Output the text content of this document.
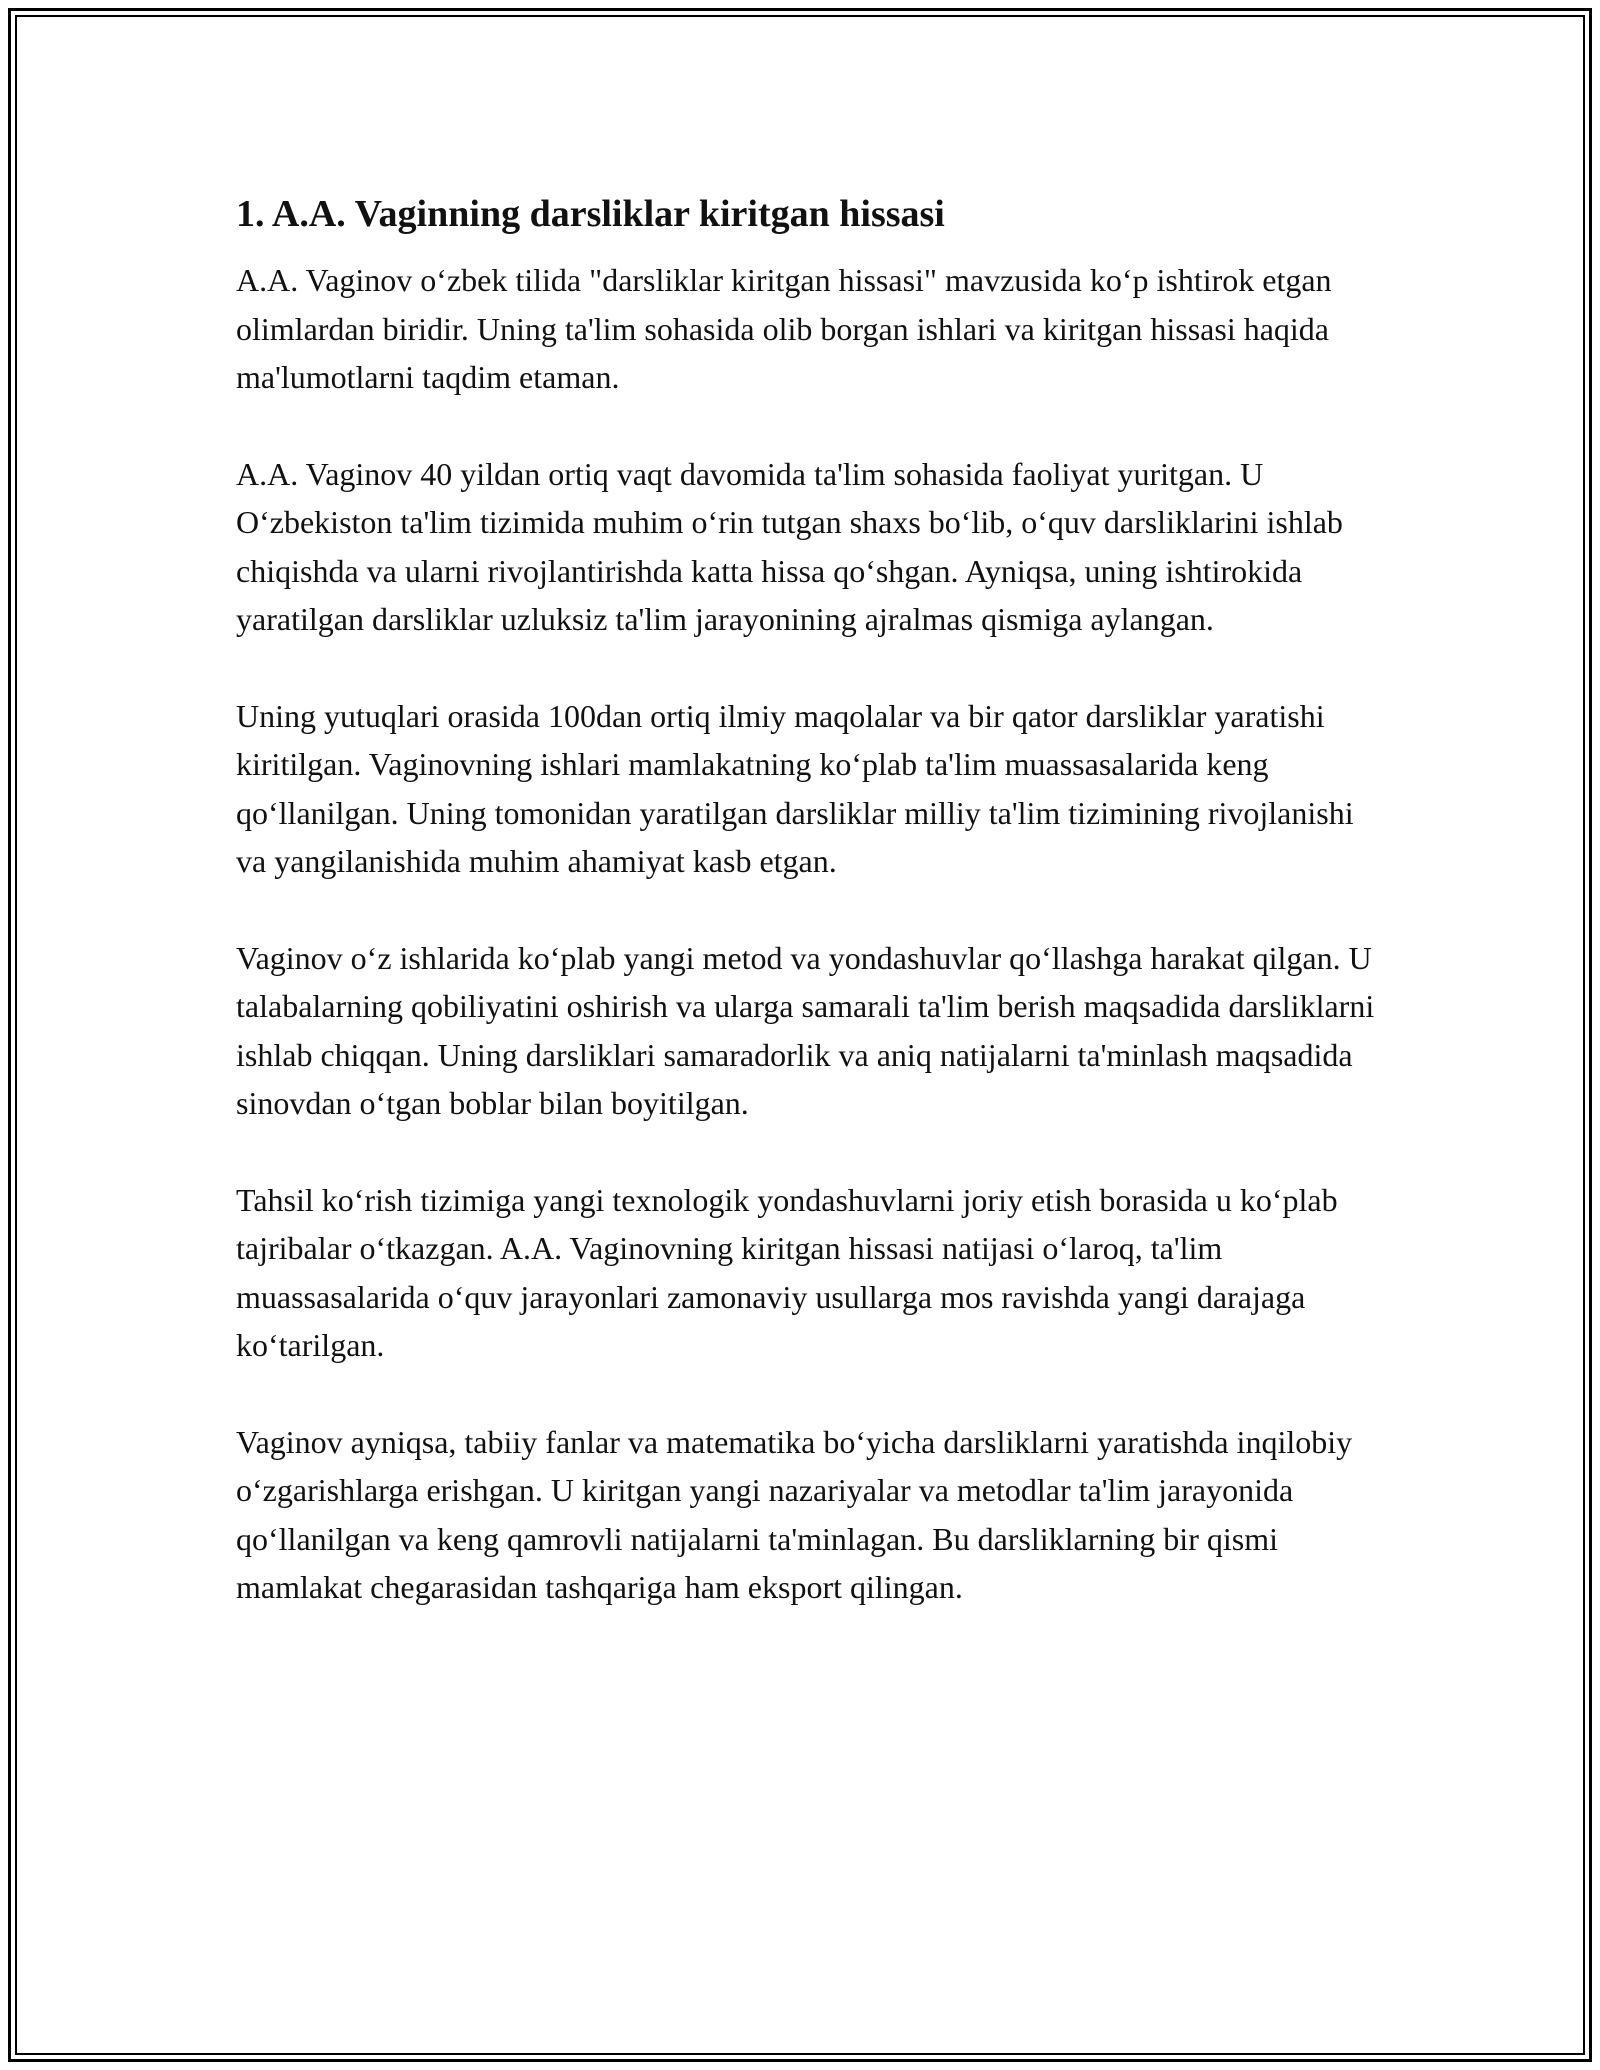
1. A.A. Vaginning darsliklar kiritgan hissasi

A.A. Vaginov o‘zbek tilida "darsliklar kiritgan hissasi" mavzusida ko‘p ishtirok etgan olimlardan biridir. Uning ta'lim sohasida olib borgan ishlari va kiritgan hissasi haqida ma'lumotlarni taqdim etaman.

A.A. Vaginov 40 yildan ortiq vaqt davomida ta'lim sohasida faoliyat yuritgan. U O‘zbekiston ta'lim tizimida muhim o‘rin tutgan shaxs bo‘lib, o‘quv darsliklarini ishlab chiqishda va ularni rivojlantirishda katta hissa qo‘shgan. Ayniqsa, uning ishtirokida yaratilgan darsliklar uzluksiz ta'lim jarayonining ajralmas qismiga aylangan.

Uning yutuqlari orasida 100dan ortiq ilmiy maqolalar va bir qator darsliklar yaratishi kiritilgan. Vaginovning ishlari mamlakatning ko‘plab ta'lim muassasalarida keng qo‘llanilgan. Uning tomonidan yaratilgan darsliklar milliy ta'lim tizimining rivojlanishi va yangilanishida muhim ahamiyat kasb etgan.

Vaginov o‘z ishlarida ko‘plab yangi metod va yondashuvlar qo‘llashga harakat qilgan. U talabalarning qobiliyatini oshirish va ularga samarali ta'lim berish maqsadida darsliklarni ishlab chiqqan. Uning darsliklari samaradorlik va aniq natijalarni ta'minlash maqsadida sinovdan o‘tgan boblar bilan boyitilgan.

Tahsil ko‘rish tizimiga yangi texnologik yondashuvlarni joriy etish borasida u ko‘plab tajribalar o‘tkazgan. A.A. Vaginovning kiritgan hissasi natijasi o‘laroq, ta'lim muassasalarida o‘quv jarayonlari zamonaviy usullarga mos ravishda yangi darajaga ko‘tarilgan.

Vaginov ayniqsa, tabiiy fanlar va matematika bo‘yicha darsliklarni yaratishda inqilobiy o‘zgarishlarga erishgan. U kiritgan yangi nazariyalar va metodlar ta'lim jarayonida qo‘llanilgan va keng qamrovli natijalarni ta'minlagan. Bu darsliklarning bir qismi mamlakat chegarasidan tashqariga ham eksport qilingan.
